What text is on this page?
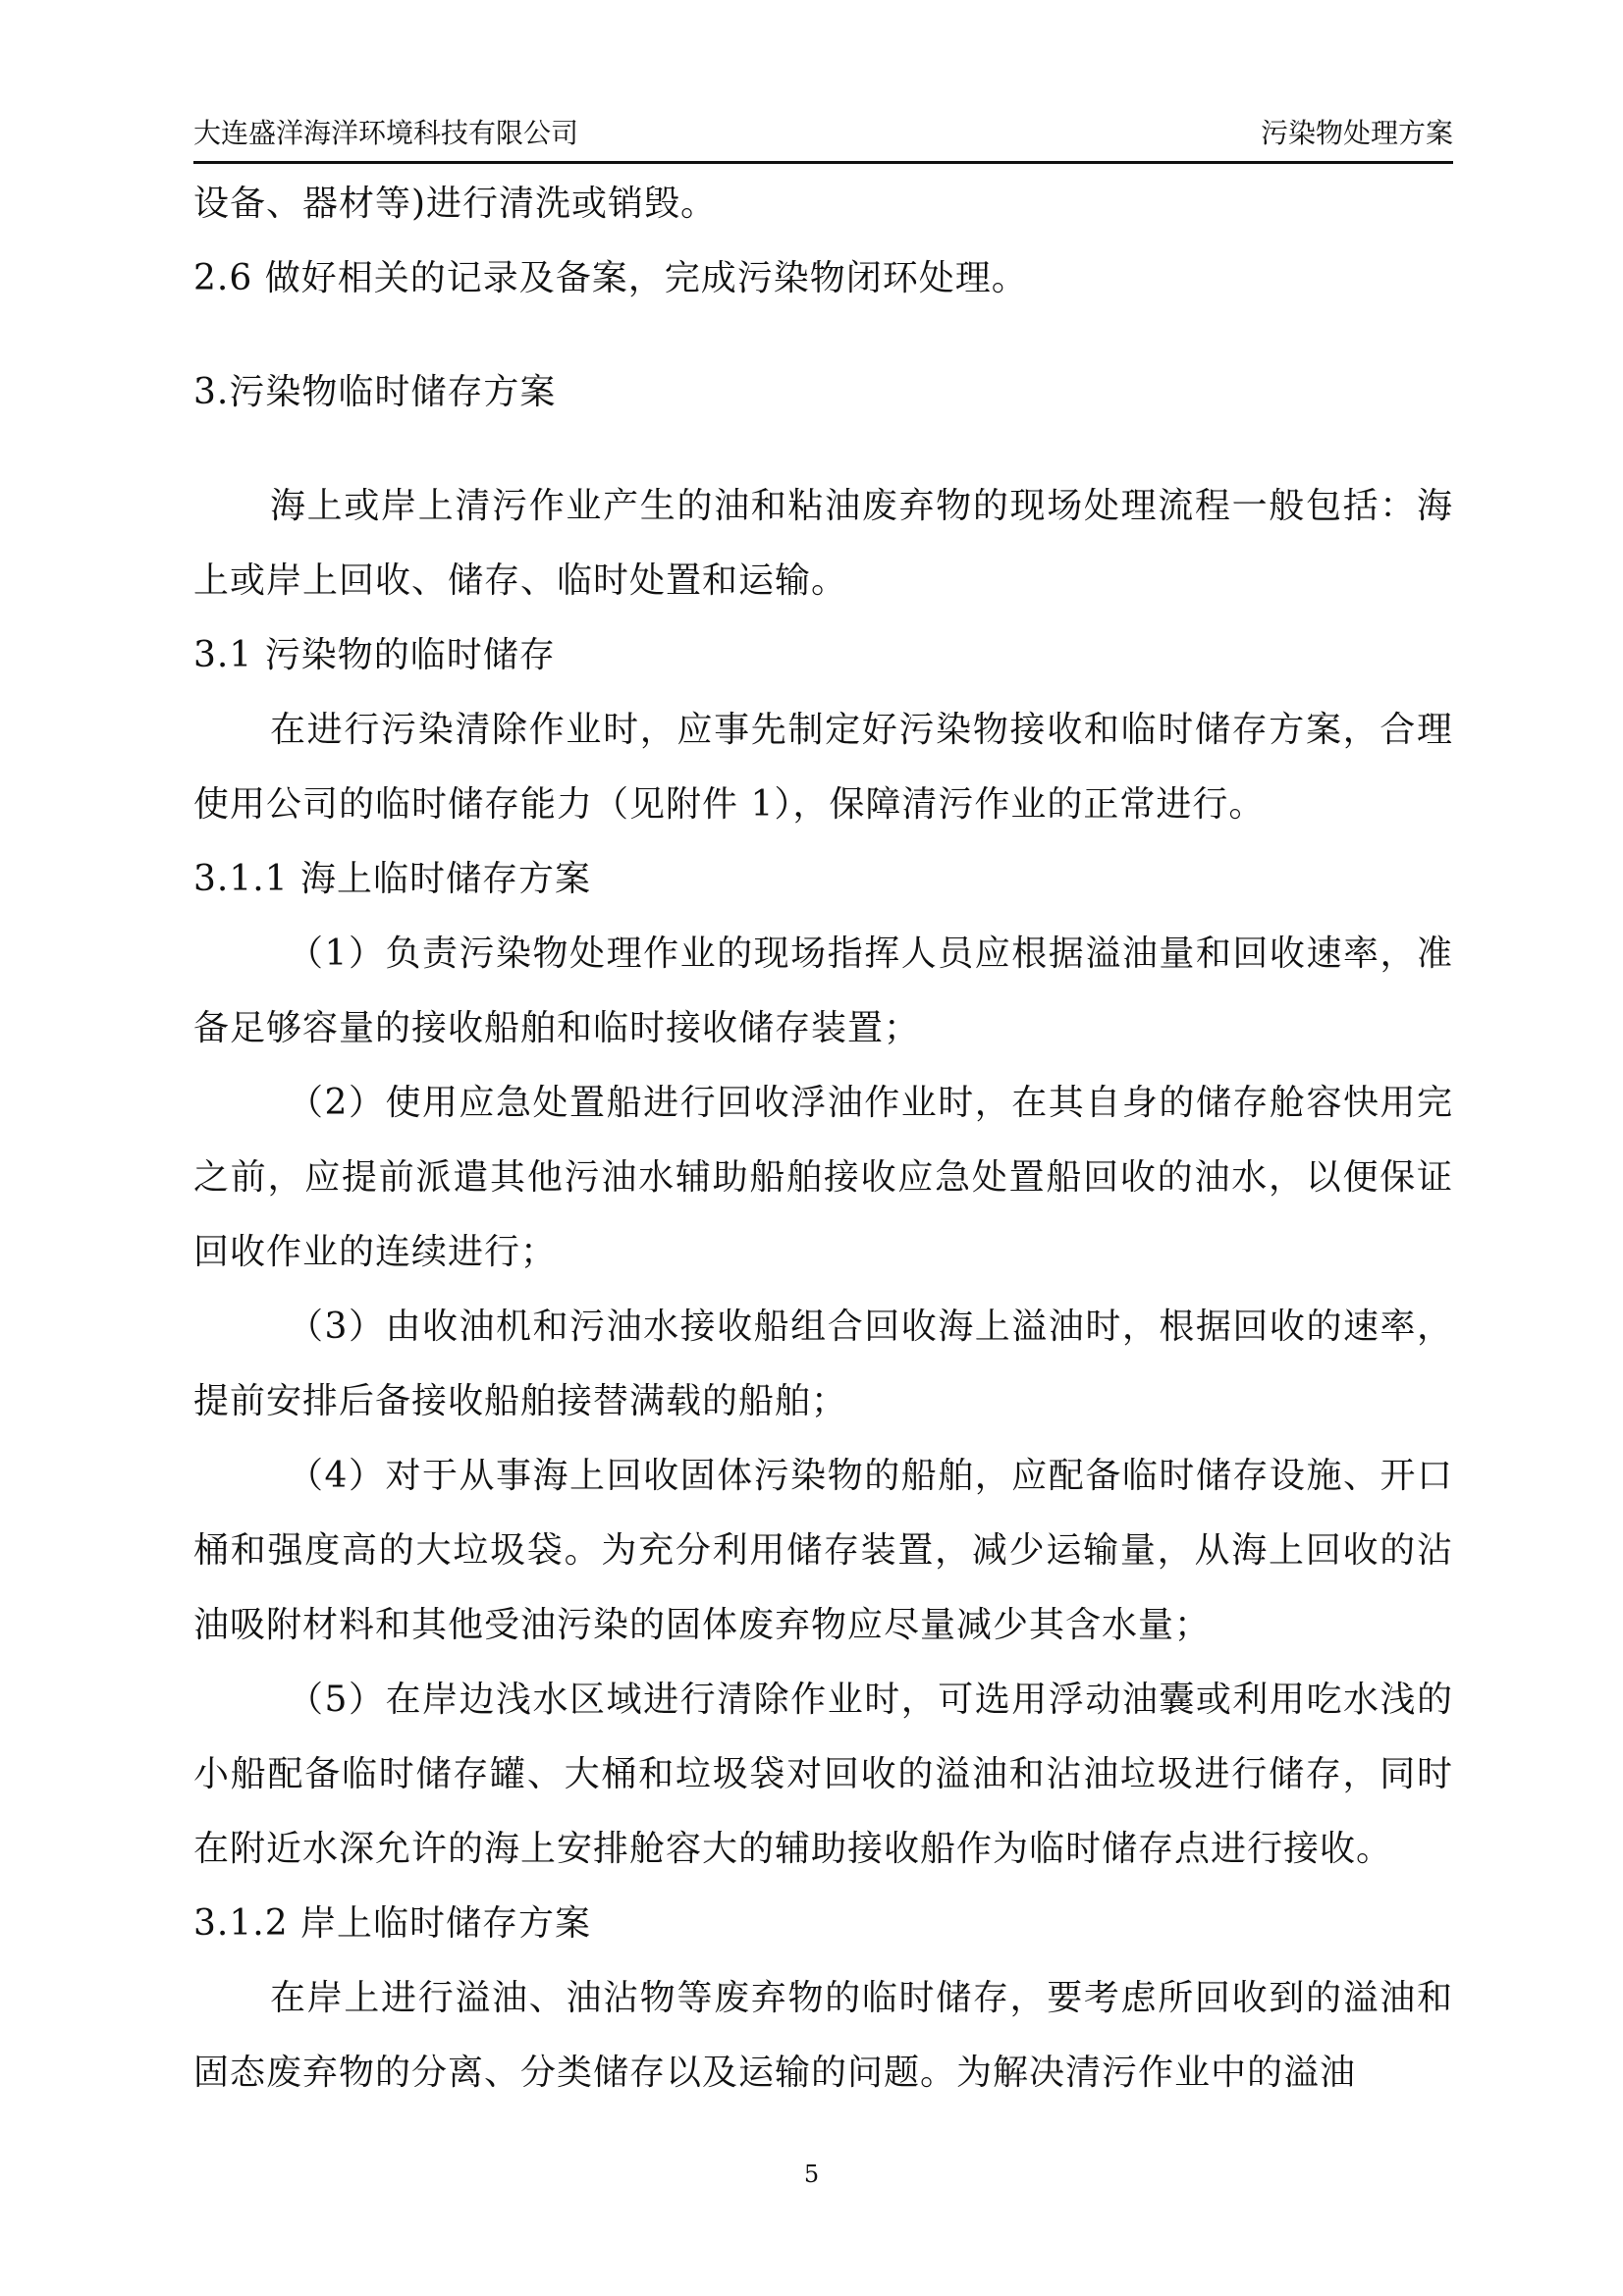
大连盛洋海洋环境科技有限公司	污染物处理方案

设备、器材等)进行清洗或销毁。

2.6 做好相关的记录及备案，完成污染物闭环处理。

3.污染物临时储存方案

海上或岸上清污作业产生的油和粘油废弃物的现场处理流程一般包括：海上或岸上回收、储存、临时处置和运输。

3.1 污染物的临时储存

在进行污染清除作业时，应事先制定好污染物接收和临时储存方案，合理使用公司的临时储存能力（见附件 1），保障清污作业的正常进行。

3.1.1 海上临时储存方案

（1）负责污染物处理作业的现场指挥人员应根据溢油量和回收速率，准备足够容量的接收船舶和临时接收储存装置；

（2）使用应急处置船进行回收浮油作业时，在其自身的储存舱容快用完之前，应提前派遣其他污油水辅助船舶接收应急处置船回收的油水，以便保证回收作业的连续进行；

（3）由收油机和污油水接收船组合回收海上溢油时，根据回收的速率，提前安排后备接收船舶接替满载的船舶；

（4）对于从事海上回收固体污染物的船舶，应配备临时储存设施、开口桶和强度高的大垃圾袋。为充分利用储存装置，减少运输量，从海上回收的沾油吸附材料和其他受油污染的固体废弃物应尽量减少其含水量；

（5）在岸边浅水区域进行清除作业时，可选用浮动油囊或利用吃水浅的小船配备临时储存罐、大桶和垃圾袋对回收的溢油和沾油垃圾进行储存，同时在附近水深允许的海上安排舱容大的辅助接收船作为临时储存点进行接收。

3.1.2 岸上临时储存方案

在岸上进行溢油、油沾物等废弃物的临时储存，要考虑所回收到的溢油和固态废弃物的分离、分类储存以及运输的问题。为解决清污作业中的溢油

5
